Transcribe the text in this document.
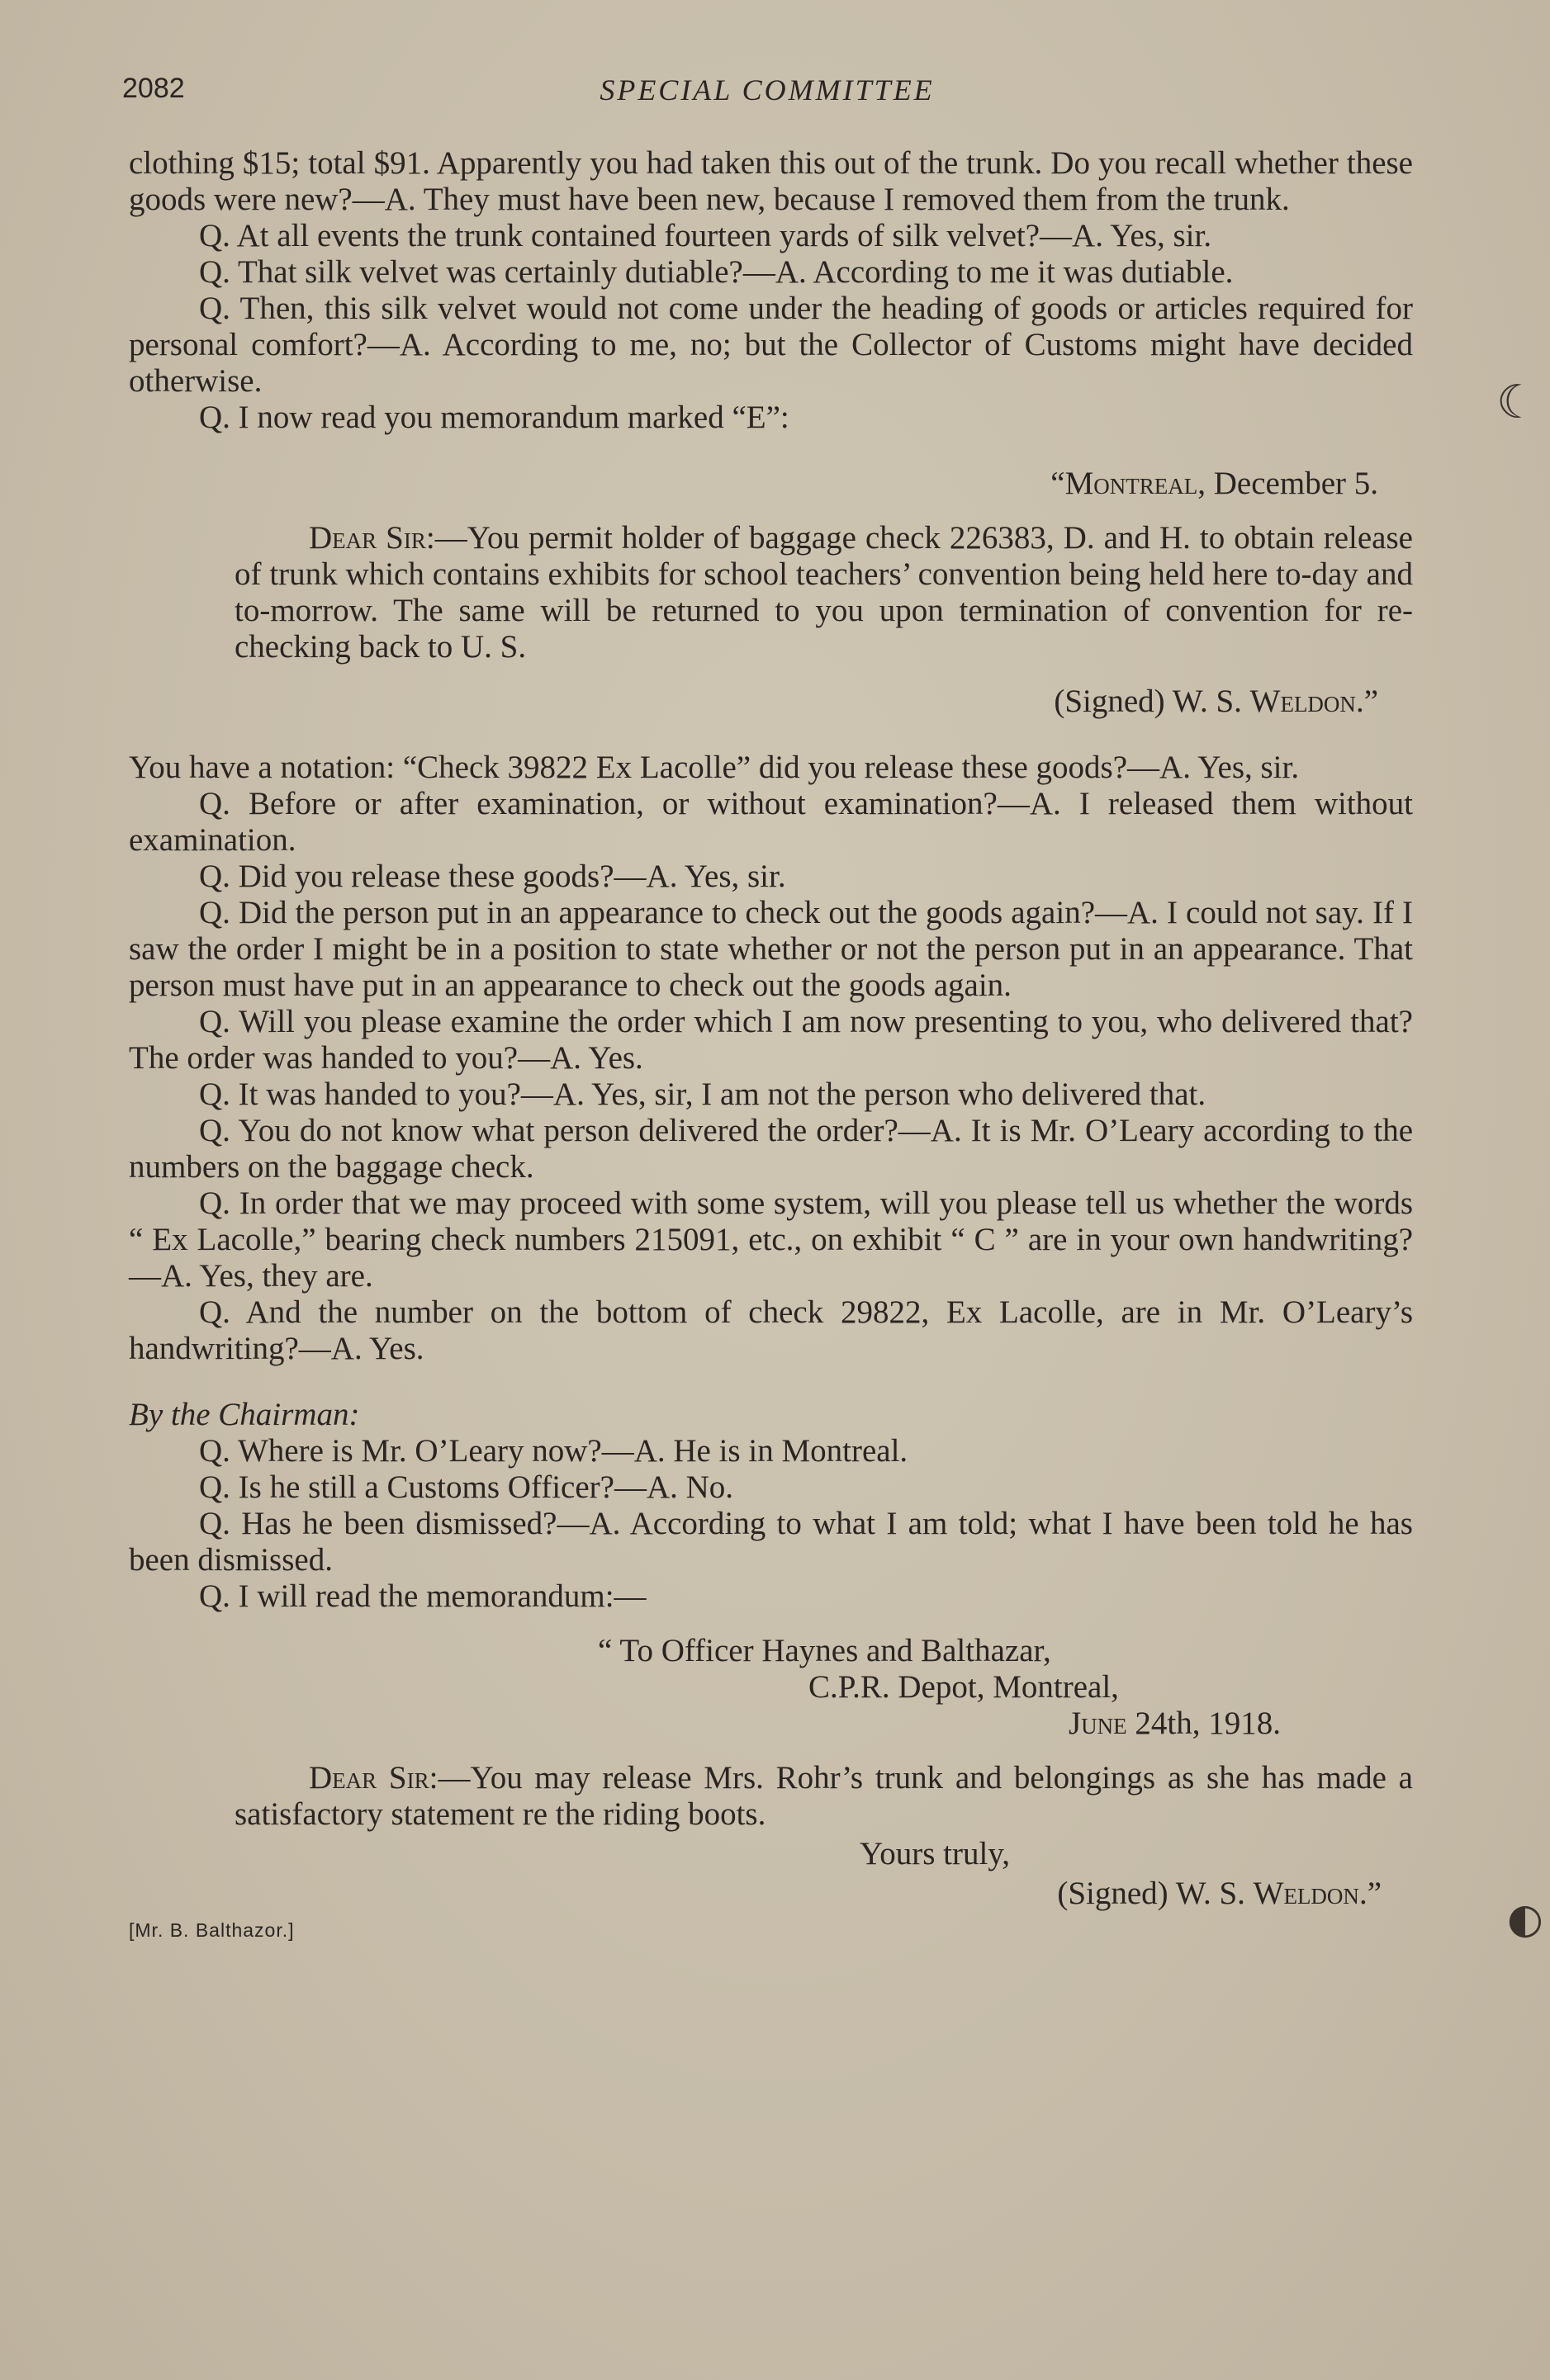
2082	SPECIAL COMMITTEE
☾
◐

clothing $15; total $91. Apparently you had taken this out of the trunk. Do you recall whether these goods were new?—A. They must have been new, because I removed them from the trunk.

Q. At all events the trunk contained fourteen yards of silk velvet?—A. Yes, sir.

Q. That silk velvet was certainly dutiable?—A. According to me it was dutiable.

Q. Then, this silk velvet would not come under the heading of goods or articles required for personal comfort?—A. According to me, no; but the Collector of Customs might have decided otherwise.

Q. I now read you memorandum marked “E”:

“Montreal, December 5.

Dear Sir:—You permit holder of baggage check 226383, D. and H. to obtain release of trunk which contains exhibits for school teachers’ convention being held here to-day and to-morrow. The same will be returned to you upon termination of convention for re-checking back to U. S.

(Signed) W. S. Weldon.”

You have a notation: “Check 39822 Ex Lacolle” did you release these goods?—A. Yes, sir.

Q. Before or after examination, or without examination?—A. I released them without examination.

Q. Did you release these goods?—A. Yes, sir.

Q. Did the person put in an appearance to check out the goods again?—A. I could not say. If I saw the order I might be in a position to state whether or not the person put in an appearance. That person must have put in an appearance to check out the goods again.

Q. Will you please examine the order which I am now presenting to you, who delivered that? The order was handed to you?—A. Yes.

Q. It was handed to you?—A. Yes, sir, I am not the person who delivered that.

Q. You do not know what person delivered the order?—A. It is Mr. O’Leary according to the numbers on the baggage check.

Q. In order that we may proceed with some system, will you please tell us whether the words “ Ex Lacolle,” bearing check numbers 215091, etc., on exhibit “ C ” are in your own handwriting?—A. Yes, they are.

Q. And the number on the bottom of check 29822, Ex Lacolle, are in Mr. O’Leary’s handwriting?—A. Yes.

By the Chairman:

Q. Where is Mr. O’Leary now?—A. He is in Montreal.

Q. Is he still a Customs Officer?—A. No.

Q. Has he been dismissed?—A. According to what I am told; what I have been told he has been dismissed.

Q. I will read the memorandum:—

“ To Officer Haynes and Balthazar,

C.P.R. Depot, Montreal,

June 24th, 1918.

Dear Sir:—You may release Mrs. Rohr’s trunk and belongings as she has made a satisfactory statement re the riding boots.

Yours truly,

(Signed) W. S. Weldon.”

[Mr. B. Balthazor.]
